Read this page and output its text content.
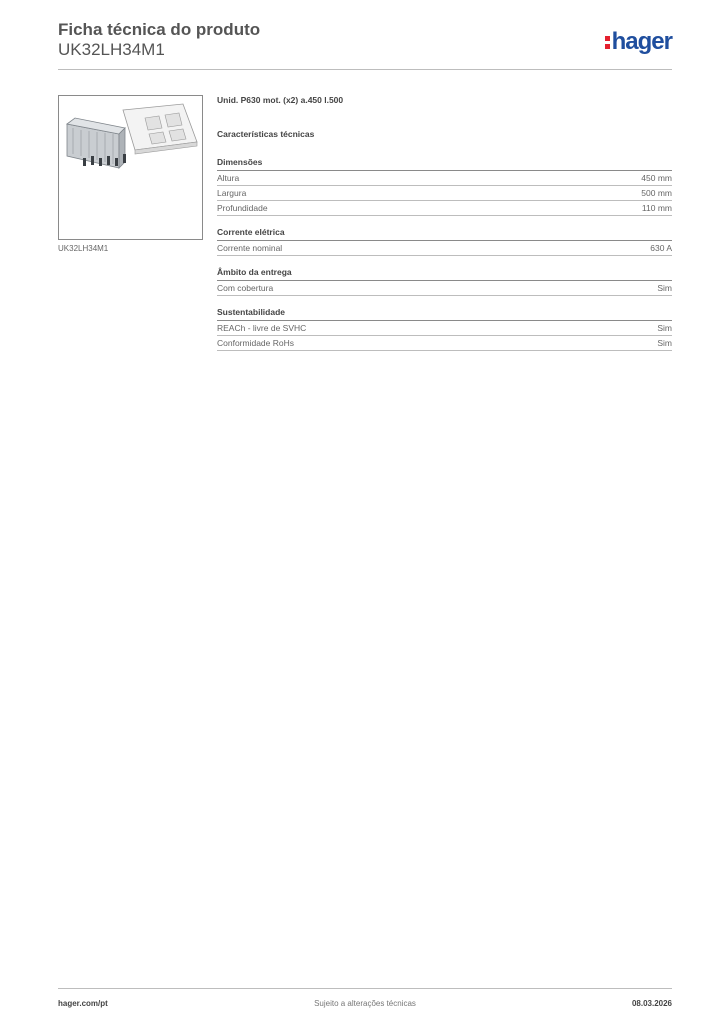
Ficha técnica do produto
UK32LH34M1	hager
UK32LH34M1
Unid. P630 mot. (x2) a.450 l.500
Características técnicas
Dimensões
Altura	450 mm
Largura	500 mm
Profundidade	110 mm
Corrente elétrica
Corrente nominal	630 A
Âmbito da entrega
Com cobertura	Sim
Sustentabilidade
REACh - livre de SVHC	Sim
Conformidade RoHs	Sim
hager.com/pt	Sujeito a alterações técnicas	08.03.2026
